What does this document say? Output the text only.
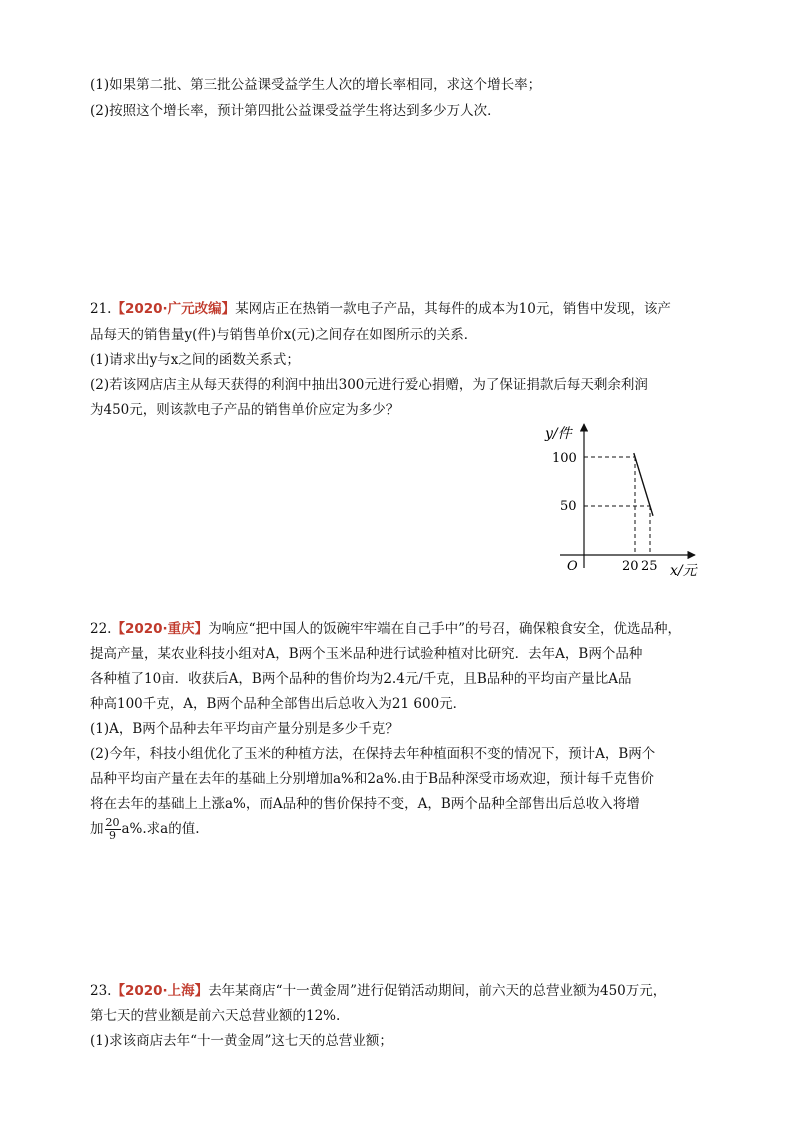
(1)如果第二批、第三批公益课受益学生人次的增长率相同，求这个增长率；
(2)按照这个增长率，预计第四批公益课受益学生将达到多少万人次．
21.【2020·广元改编】某网店正在热销一款电子产品，其每件的成本为10元，销售中发现，该产
品每天的销售量y(件)与销售单价x(元)之间存在如图所示的关系．
(1)请求出y与x之间的函数关系式；
(2)若该网店店主从每天获得的利润中抽出300元进行爱心捐赠，为了保证捐款后每天剩余利润
为450元，则该款电子产品的销售单价应定为多少？
y/件
x/元
O
100
50
20 25
22.【2020·重庆】为响应“把中国人的饭碗牢牢端在自己手中”的号召，确保粮食安全，优选品种，
提高产量，某农业科技小组对A，B两个玉米品种进行试验种植对比研究．去年A，B两个品种
各种植了10亩．收获后A，B两个品种的售价均为2.4元/千克，且B品种的平均亩产量比A品
种高100千克，A，B两个品种全部售出后总收入为21 600元．
(1)A，B两个品种去年平均亩产量分别是多少千克？
(2)今年，科技小组优化了玉米的种植方法，在保持去年种植面积不变的情况下，预计A，B两个
品种平均亩产量在去年的基础上分别增加a%和2a%.由于B品种深受市场欢迎，预计每千克售价
将在去年的基础上上涨a%，而A品种的售价保持不变，A，B两个品种全部售出后总收入将增
加 $\frac{20}{9} a\%$.求a的值.
23.【2020·上海】去年某商店“十一黄金周”进行促销活动期间，前六天的总营业额为450万元，
第七天的营业额是前六天总营业额的12%.
(1)求该商店去年“十一黄金周”这七天的总营业额；
